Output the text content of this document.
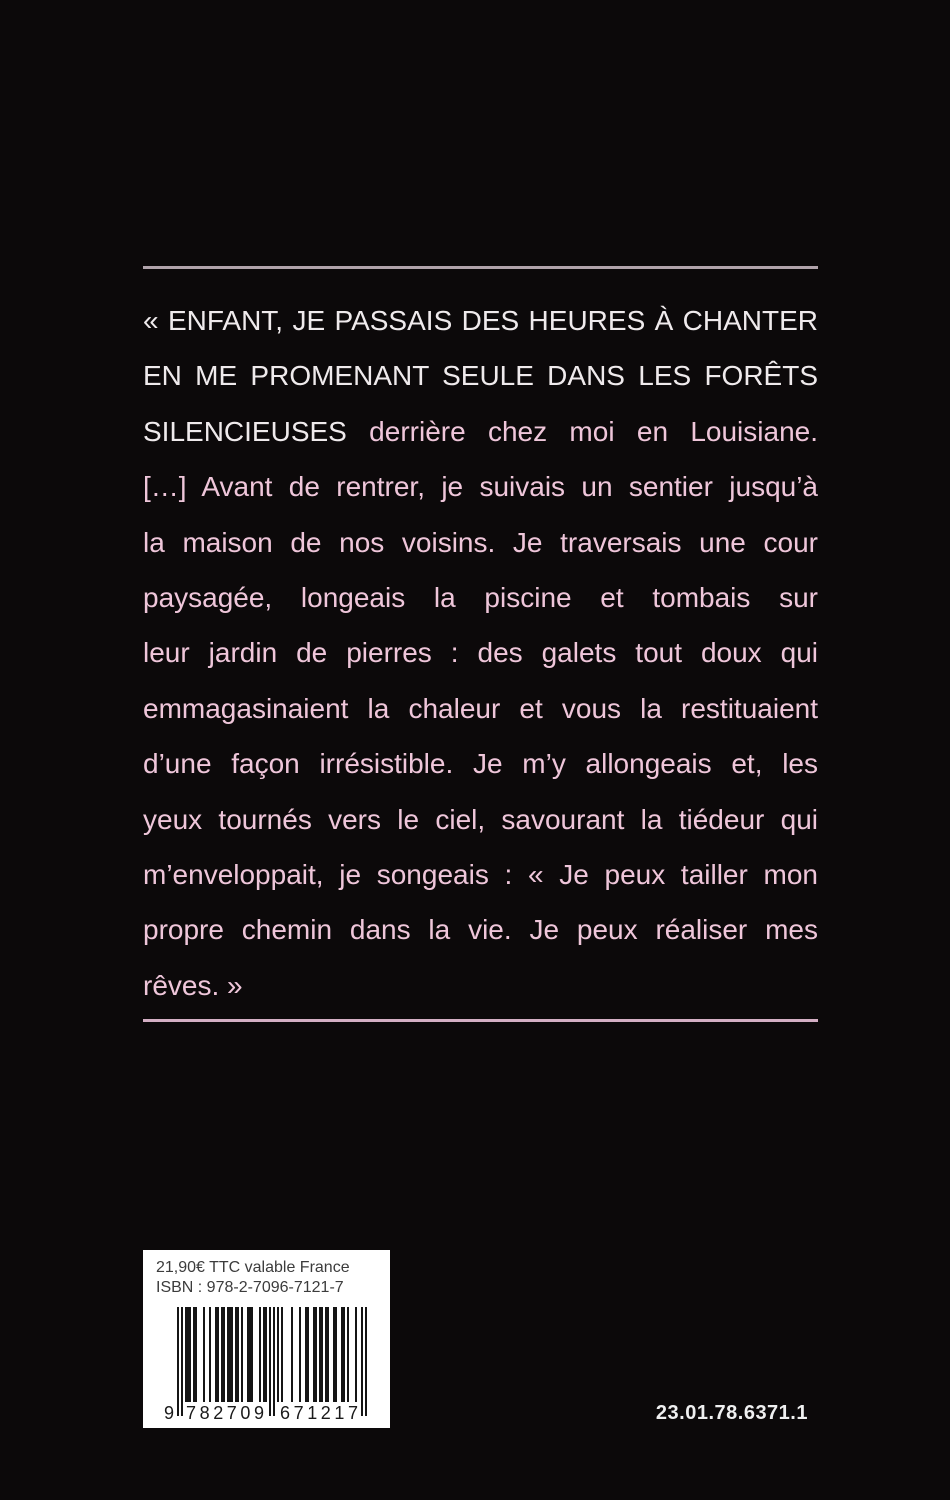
« ENFANT, JE PASSAIS DES HEURES À CHANTER
EN ME PROMENANT SEULE DANS LES FORÊTS
SILENCIEUSES derrière chez moi en Louisiane.
[…] Avant de rentrer, je suivais un sentier jusqu’à
la maison de nos voisins. Je traversais une cour
paysagée, longeais la piscine et tombais sur
leur jardin de pierres : des galets tout doux qui
emmagasinaient la chaleur et vous la restituaient
d’une façon irrésistible. Je m’y allongeais et, les
yeux tournés vers le ciel, savourant la tiédeur qui
m’enveloppait, je songeais : « Je peux tailler mon
propre chemin dans la vie. Je peux réaliser mes
rêves. »
21,90€ TTC valable France
ISBN : 978-2-7096-7121-7
9 782709 671217	23.01.78.6371.1
